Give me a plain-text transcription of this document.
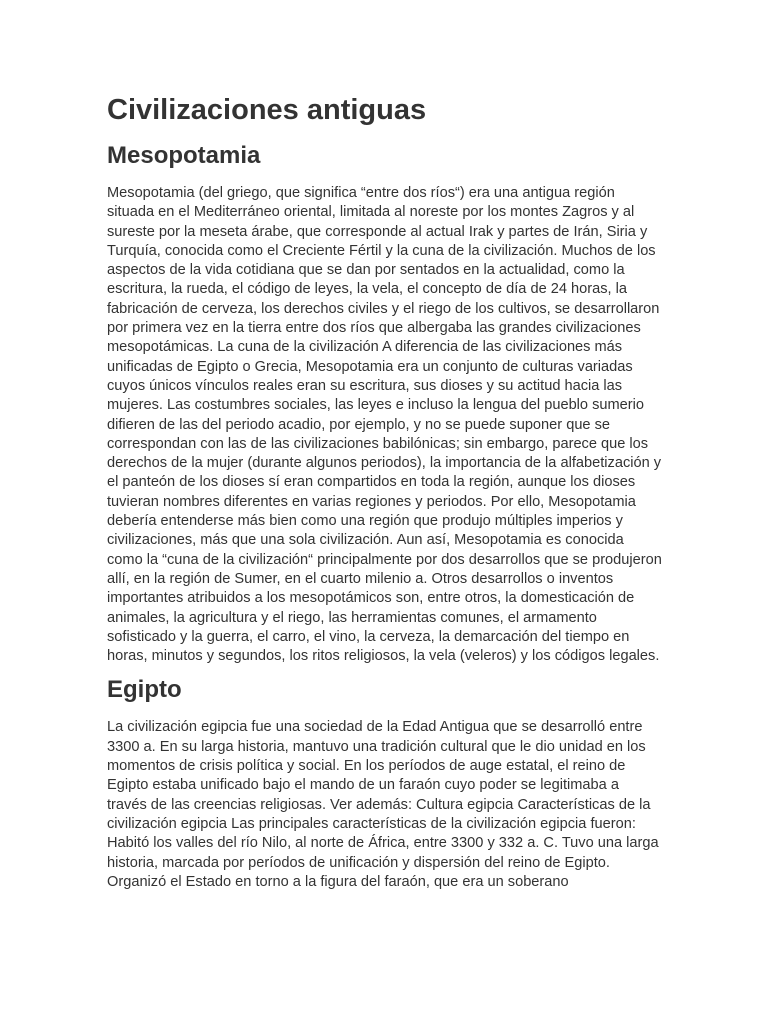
Civilizaciones antiguas
Mesopotamia

Mesopotamia (del griego, que significa “entre dos ríos“) era una antigua región situada en el Mediterráneo oriental, limitada al noreste por los montes Zagros y al sureste por la meseta árabe, que corresponde al actual Irak y partes de Irán, Siria y Turquía, conocida como el Creciente Fértil y la cuna de la civilización. Muchos de los aspectos de la vida cotidiana que se dan por sentados en la actualidad, como la escritura, la rueda, el código de leyes, la vela, el concepto de día de 24 horas, la fabricación de cerveza, los derechos civiles y el riego de los cultivos, se desarrollaron por primera vez en la tierra entre dos ríos que albergaba las grandes civilizaciones mesopotámicas. La cuna de la civilización A diferencia de las civilizaciones más unificadas de Egipto o Grecia, Mesopotamia era un conjunto de culturas variadas cuyos únicos vínculos reales eran su escritura, sus dioses y su actitud hacia las mujeres. Las costumbres sociales, las leyes e incluso la lengua del pueblo sumerio difieren de las del periodo acadio, por ejemplo, y no se puede suponer que se correspondan con las de las civilizaciones babilónicas; sin embargo, parece que los derechos de la mujer (durante algunos periodos), la importancia de la alfabetización y el panteón de los dioses sí eran compartidos en toda la región, aunque los dioses tuvieran nombres diferentes en varias regiones y periodos. Por ello, Mesopotamia debería entenderse más bien como una región que produjo múltiples imperios y civilizaciones, más que una sola civilización. Aun así, Mesopotamia es conocida como la “cuna de la civilización“ principalmente por dos desarrollos que se produjeron allí, en la región de Sumer, en el cuarto milenio a. Otros desarrollos o inventos importantes atribuidos a los mesopotámicos son, entre otros, la domesticación de animales, la agricultura y el riego, las herramientas comunes, el armamento sofisticado y la guerra, el carro, el vino, la cerveza, la demarcación del tiempo en horas, minutos y segundos, los ritos religiosos, la vela (veleros) y los códigos legales.

Egipto

La civilización egipcia fue una sociedad de la Edad Antigua que se desarrolló entre 3300 a. En su larga historia, mantuvo una tradición cultural que le dio unidad en los momentos de crisis política y social. En los períodos de auge estatal, el reino de Egipto estaba unificado bajo el mando de un faraón cuyo poder se legitimaba a través de las creencias religiosas. Ver además: Cultura egipcia Características de la civilización egipcia Las principales características de la civilización egipcia fueron: Habitó los valles del río Nilo, al norte de África, entre 3300 y 332 a. C. Tuvo una larga historia, marcada por períodos de unificación y dispersión del reino de Egipto. Organizó el Estado en torno a la figura del faraón, que era un soberano
